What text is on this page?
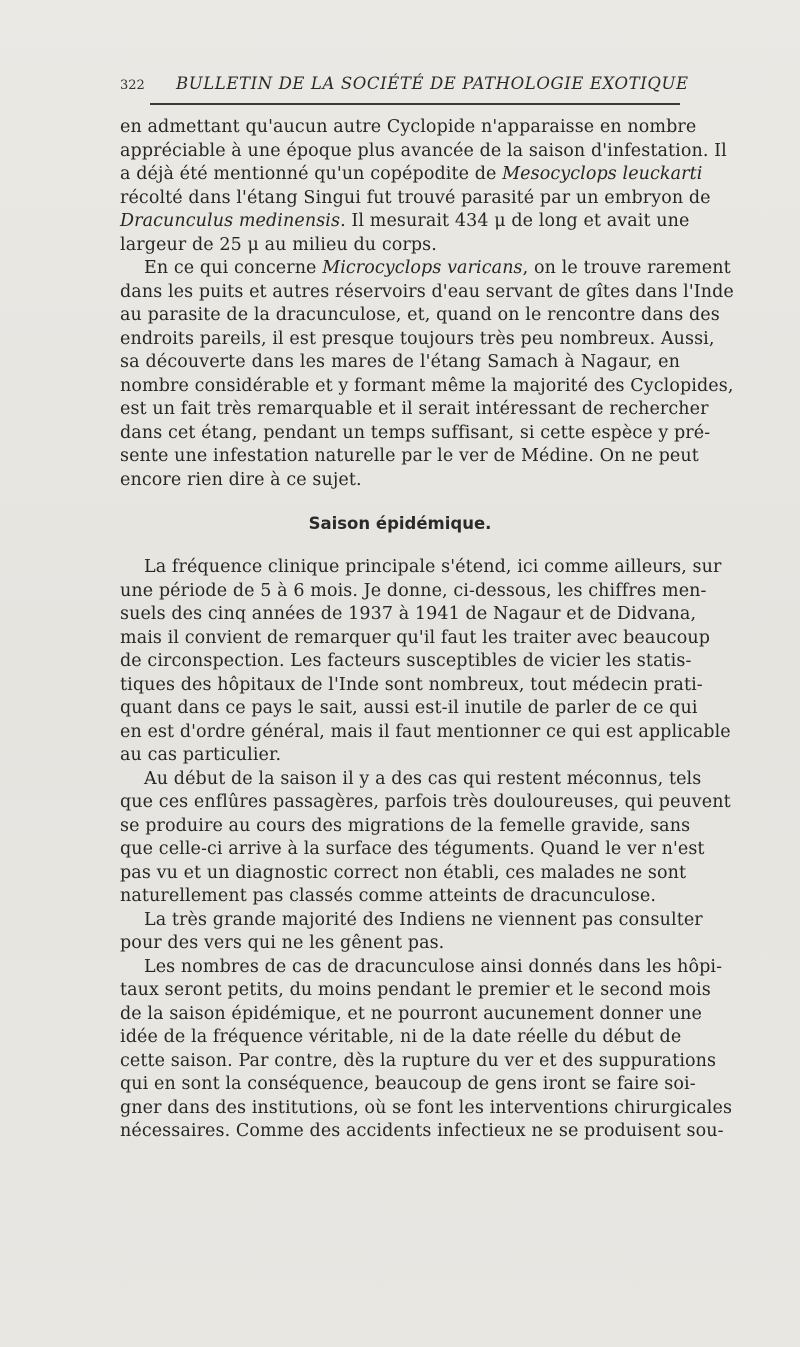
322 BULLETIN DE LA SOCIÉTÉ DE PATHOLOGIE EXOTIQUE
en admettant qu'aucun autre Cyclopide n'apparaisse en nombre
appréciable à une époque plus avancée de la saison d'infestation. Il
a déjà été mentionné qu'un copépodite de Mesocyclops leuckarti
récolté dans l'étang Singui fut trouvé parasité par un embryon de
Dracunculus medinensis. Il mesurait 434 μ de long et avait une
largeur de 25 μ au milieu du corps.
En ce qui concerne Microcyclops varicans, on le trouve rarement
dans les puits et autres réservoirs d'eau servant de gîtes dans l'Inde
au parasite de la dracunculose, et, quand on le rencontre dans des
endroits pareils, il est presque toujours très peu nombreux. Aussi,
sa découverte dans les mares de l'étang Samach à Nagaur, en
nombre considérable et y formant même la majorité des Cyclopides,
est un fait très remarquable et il serait intéressant de rechercher
dans cet étang, pendant un temps suffisant, si cette espèce y pré-
sente une infestation naturelle par le ver de Médine. On ne peut
encore rien dire à ce sujet.
Saison épidémique.
La fréquence clinique principale s'étend, ici comme ailleurs, sur
une période de 5 à 6 mois. Je donne, ci-dessous, les chiffres men-
suels des cinq années de 1937 à 1941 de Nagaur et de Didvana,
mais il convient de remarquer qu'il faut les traiter avec beaucoup
de circonspection. Les facteurs susceptibles de vicier les statis-
tiques des hôpitaux de l'Inde sont nombreux, tout médecin prati-
quant dans ce pays le sait, aussi est-il inutile de parler de ce qui
en est d'ordre général, mais il faut mentionner ce qui est applicable
au cas particulier.
Au début de la saison il y a des cas qui restent méconnus, tels
que ces enflûres passagères, parfois très douloureuses, qui peuvent
se produire au cours des migrations de la femelle gravide, sans
que celle-ci arrive à la surface des téguments. Quand le ver n'est
pas vu et un diagnostic correct non établi, ces malades ne sont
naturellement pas classés comme atteints de dracunculose.
La très grande majorité des Indiens ne viennent pas consulter
pour des vers qui ne les gênent pas.
Les nombres de cas de dracunculose ainsi donnés dans les hôpi-
taux seront petits, du moins pendant le premier et le second mois
de la saison épidémique, et ne pourront aucunement donner une
idée de la fréquence véritable, ni de la date réelle du début de
cette saison. Par contre, dès la rupture du ver et des suppurations
qui en sont la conséquence, beaucoup de gens iront se faire soi-
gner dans des institutions, où se font les interventions chirurgicales
nécessaires. Comme des accidents infectieux ne se produisent sou-
